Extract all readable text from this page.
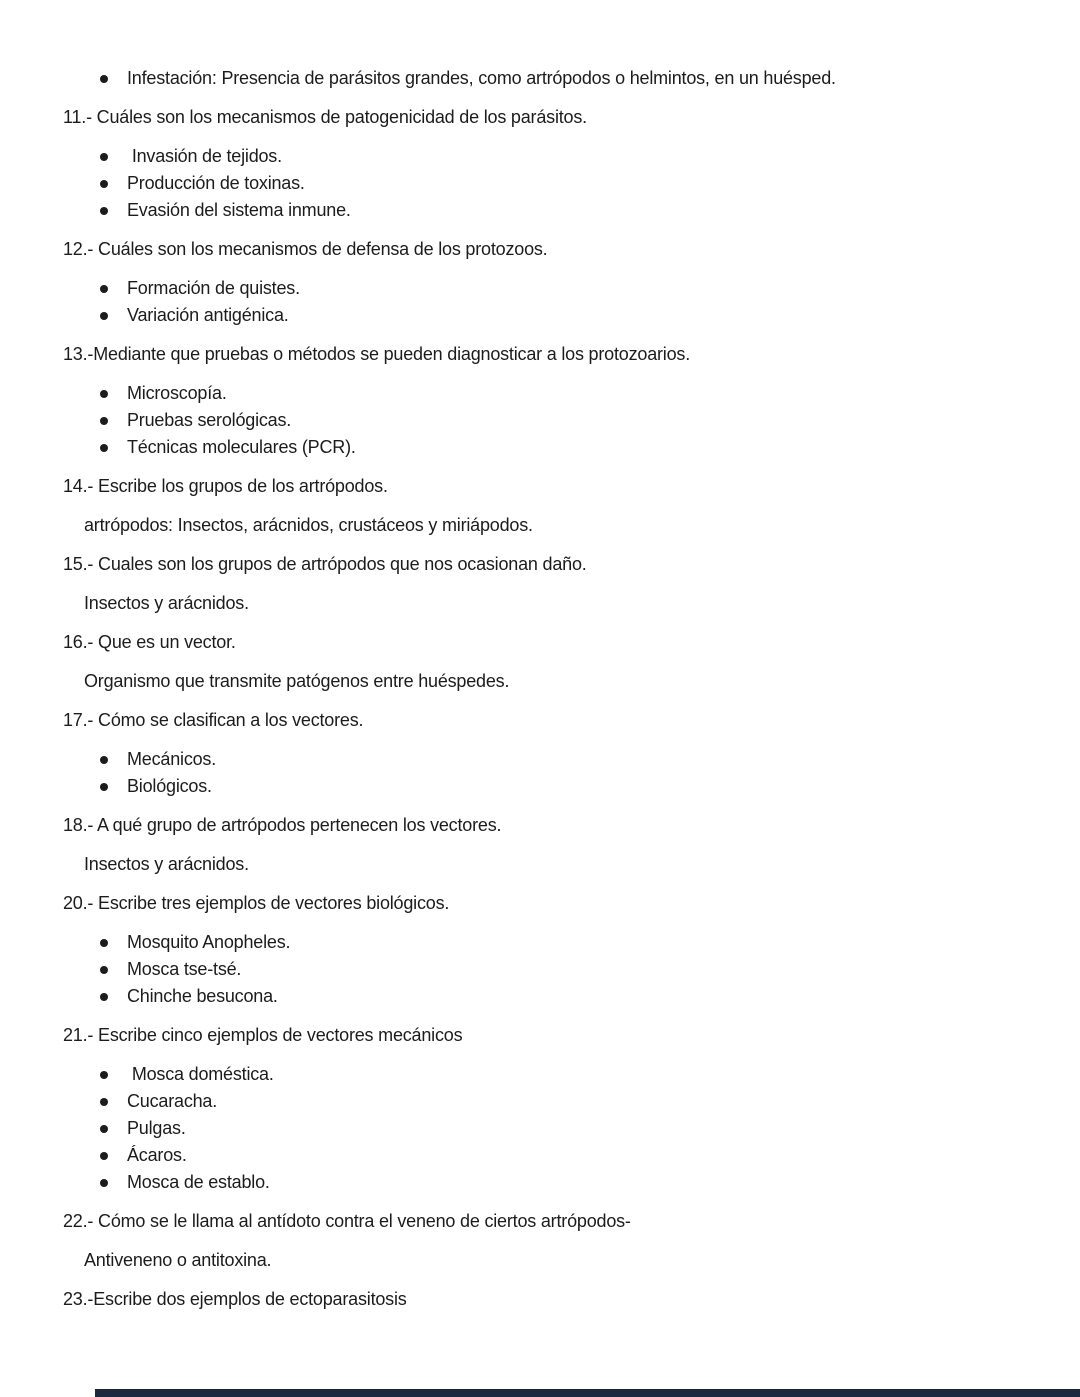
Infestación: Presencia de parásitos grandes, como artrópodos o helmintos, en un huésped.

11.- Cuáles son los mecanismos de patogenicidad de los parásitos.

Invasión de tejidos.
Producción de toxinas.
Evasión del sistema inmune.

12.- Cuáles son los mecanismos de defensa de los protozoos.

Formación de quistes.
Variación antigénica.

13.-Mediante que pruebas o métodos se pueden diagnosticar a los protozoarios.

Microscopía.
Pruebas serológicas.
Técnicas moleculares (PCR).

14.- Escribe los grupos de los artrópodos.

artrópodos: Insectos, arácnidos, crustáceos y miriápodos.

15.- Cuales son los grupos de artrópodos que nos ocasionan daño.

Insectos y arácnidos.

16.- Que es un vector.

Organismo que transmite patógenos entre huéspedes.

17.- Cómo se clasifican a los vectores.

Mecánicos.
Biológicos.

18.- A qué grupo de artrópodos pertenecen los vectores.

Insectos y arácnidos.

20.- Escribe tres ejemplos de vectores biológicos.

Mosquito Anopheles.
Mosca tse-tsé.
Chinche besucona.

21.- Escribe cinco ejemplos de vectores mecánicos

Mosca doméstica.
Cucaracha.
Pulgas.
Ácaros.
Mosca de establo.

22.- Cómo se le llama al antídoto contra el veneno de ciertos artrópodos-

Antiveneno o antitoxina.

23.-Escribe dos ejemplos de ectoparasitosis
